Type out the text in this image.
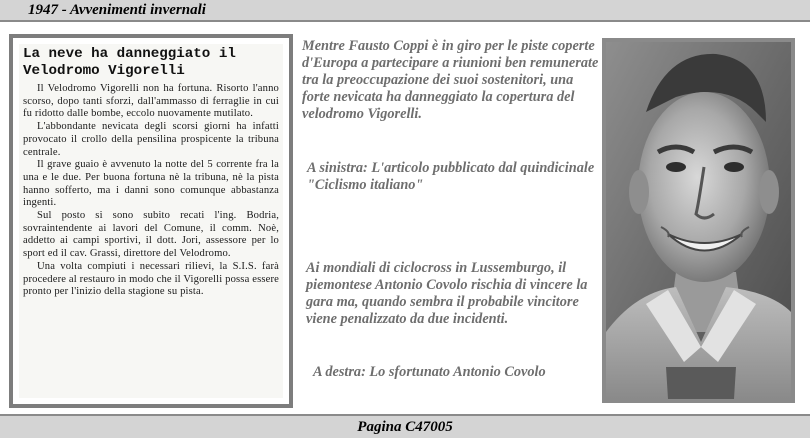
1947 - Avvenimenti invernali
La neve ha danneggiato il Velodromo Vigorelli

Il Velodromo Vigorelli non ha fortuna. Risorto l'anno scorso, dopo tanti sforzi, dall'ammasso di ferraglie in cui fu ridotto dalle bombe, eccolo nuovamente mutilato.

L'abbondante nevicata degli scorsi giorni ha infatti provocato il crollo della pensilina prospicente la tribuna centrale.

Il grave guaio è avvenuto la notte del 5 corrente fra la una e le due. Per buona fortuna nè la tribuna, nè la pista hanno sofferto, ma i danni sono comunque abbastanza ingenti.

Sul posto si sono subito recati l'ing. Bodria, sovraintendente ai lavori del Comune, il comm. Noè, addetto ai campi sportivi, il dott. Jori, assessore per lo sport ed il cav. Grassi, direttore del Velodromo.

Una volta compiuti i necessari rilievi, la S.I.S. farà procedere al restauro in modo che il Vigorelli possa essere pronto per l'inizio della stagione su pista.

Mentre Fausto Coppi è in giro per le piste coperte d'Europa a partecipare a riunioni ben remunerate tra la preoccupazione dei suoi sostenitori, una forte nevicata ha danneggiato la copertura del velodromo Vigorelli.
A sinistra: L'articolo pubblicato dal quindicinale "Ciclismo italiano"
Ai mondiali di ciclocross in Lussemburgo, il piemontese Antonio Covolo rischia di vincere la gara ma, quando sembra il probabile vincitore viene penalizzato da due incidenti.
A destra: Lo sfortunato Antonio Covolo
Pagina C47005
